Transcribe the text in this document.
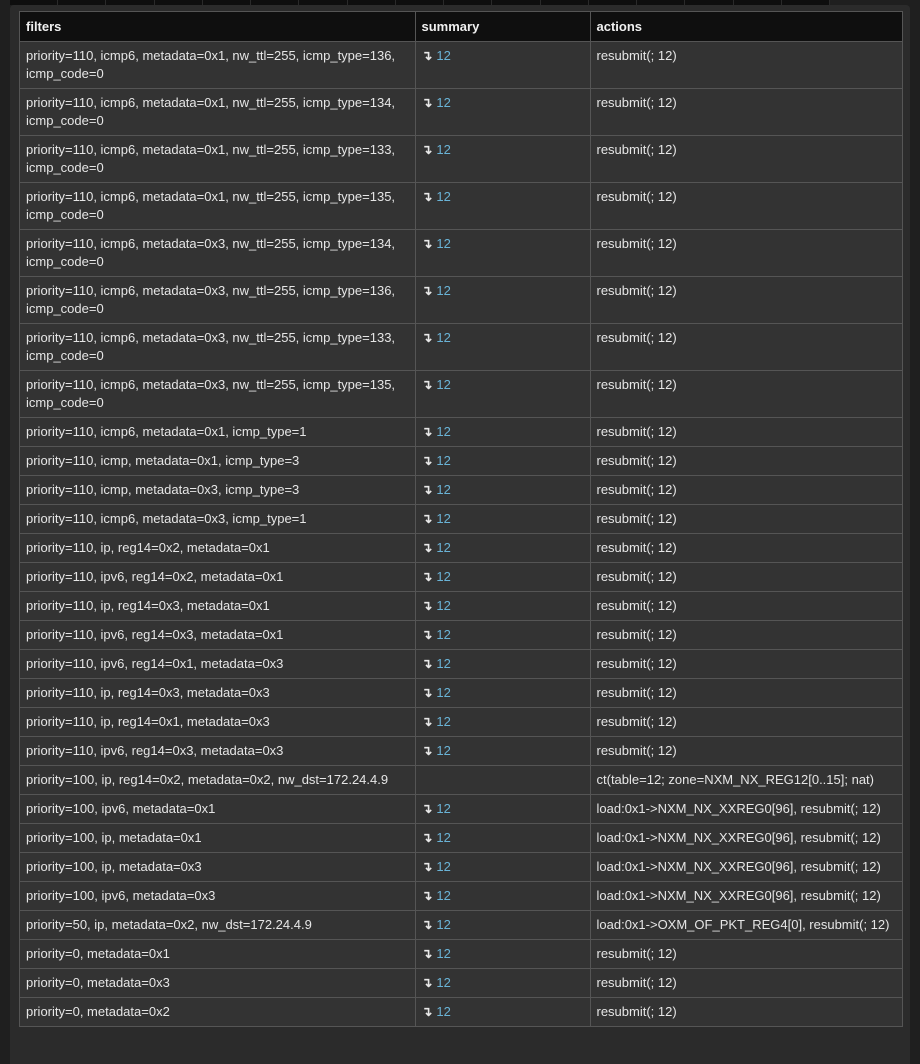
filters	summary	actions
priority=110, icmp6, metadata=0x1, nw_ttl=255, icmp_type=136, icmp_code=0	↴ 12	resubmit(; 12)
priority=110, icmp6, metadata=0x1, nw_ttl=255, icmp_type=134, icmp_code=0	↴ 12	resubmit(; 12)
priority=110, icmp6, metadata=0x1, nw_ttl=255, icmp_type=133, icmp_code=0	↴ 12	resubmit(; 12)
priority=110, icmp6, metadata=0x1, nw_ttl=255, icmp_type=135, icmp_code=0	↴ 12	resubmit(; 12)
priority=110, icmp6, metadata=0x3, nw_ttl=255, icmp_type=134, icmp_code=0	↴ 12	resubmit(; 12)
priority=110, icmp6, metadata=0x3, nw_ttl=255, icmp_type=136, icmp_code=0	↴ 12	resubmit(; 12)
priority=110, icmp6, metadata=0x3, nw_ttl=255, icmp_type=133, icmp_code=0	↴ 12	resubmit(; 12)
priority=110, icmp6, metadata=0x3, nw_ttl=255, icmp_type=135, icmp_code=0	↴ 12	resubmit(; 12)
priority=110, icmp6, metadata=0x1, icmp_type=1	↴ 12	resubmit(; 12)
priority=110, icmp, metadata=0x1, icmp_type=3	↴ 12	resubmit(; 12)
priority=110, icmp, metadata=0x3, icmp_type=3	↴ 12	resubmit(; 12)
priority=110, icmp6, metadata=0x3, icmp_type=1	↴ 12	resubmit(; 12)
priority=110, ip, reg14=0x2, metadata=0x1	↴ 12	resubmit(; 12)
priority=110, ipv6, reg14=0x2, metadata=0x1	↴ 12	resubmit(; 12)
priority=110, ip, reg14=0x3, metadata=0x1	↴ 12	resubmit(; 12)
priority=110, ipv6, reg14=0x3, metadata=0x1	↴ 12	resubmit(; 12)
priority=110, ipv6, reg14=0x1, metadata=0x3	↴ 12	resubmit(; 12)
priority=110, ip, reg14=0x3, metadata=0x3	↴ 12	resubmit(; 12)
priority=110, ip, reg14=0x1, metadata=0x3	↴ 12	resubmit(; 12)
priority=110, ipv6, reg14=0x3, metadata=0x3	↴ 12	resubmit(; 12)
priority=100, ip, reg14=0x2, metadata=0x2, nw_dst=172.24.4.9		ct(table=12; zone=NXM_NX_REG12[0..15]; nat)
priority=100, ipv6, metadata=0x1	↴ 12	load:0x1->NXM_NX_XXREG0[96], resubmit(; 12)
priority=100, ip, metadata=0x1	↴ 12	load:0x1->NXM_NX_XXREG0[96], resubmit(; 12)
priority=100, ip, metadata=0x3	↴ 12	load:0x1->NXM_NX_XXREG0[96], resubmit(; 12)
priority=100, ipv6, metadata=0x3	↴ 12	load:0x1->NXM_NX_XXREG0[96], resubmit(; 12)
priority=50, ip, metadata=0x2, nw_dst=172.24.4.9	↴ 12	load:0x1->OXM_OF_PKT_REG4[0], resubmit(; 12)
priority=0, metadata=0x1	↴ 12	resubmit(; 12)
priority=0, metadata=0x3	↴ 12	resubmit(; 12)
priority=0, metadata=0x2	↴ 12	resubmit(; 12)
